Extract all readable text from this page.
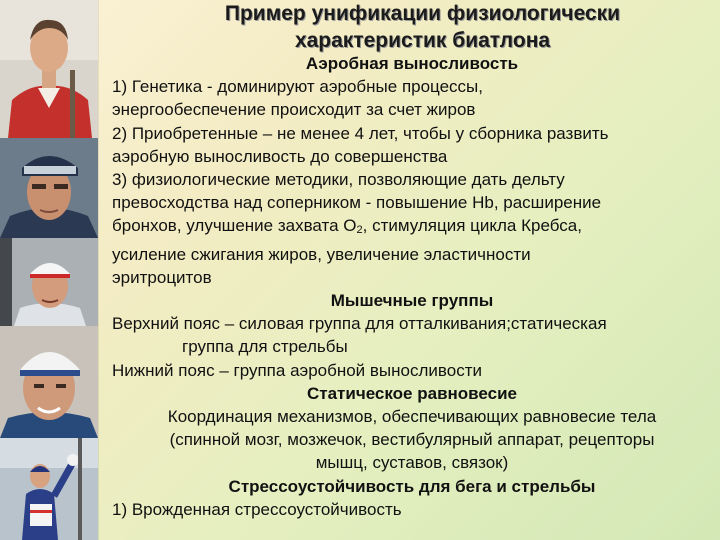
Пример унификации физиологически
характеристик биатлона

Аэробная выносливость

1) Генетика - доминируют аэробные процессы,

энергообеспечение происходит за счет жиров

2) Приобретенные – не менее 4 лет, чтобы у сборника развить

аэробную выносливость до совершенства

3) физиологические методики, позволяющие дать дельту

превосходства над соперником - повышение Hb, расширение

бронхов, улучшение захвата $O_2$, стимуляция цикла Кребса,

усиление сжигания жиров, увеличение эластичности

эритроцитов

Мышечные группы

Верхний пояс – силовая группа для отталкивания;статическая

группа для стрельбы

Нижний пояс – группа аэробной выносливости

Статическое равновесие

Координация механизмов, обеспечивающих равновесие тела

(спинной мозг, мозжечок, вестибулярный аппарат, рецепторы

мышц, суставов, связок)

Стрессоустойчивость для бега и стрельбы

1) Врожденная стрессоустойчивость
